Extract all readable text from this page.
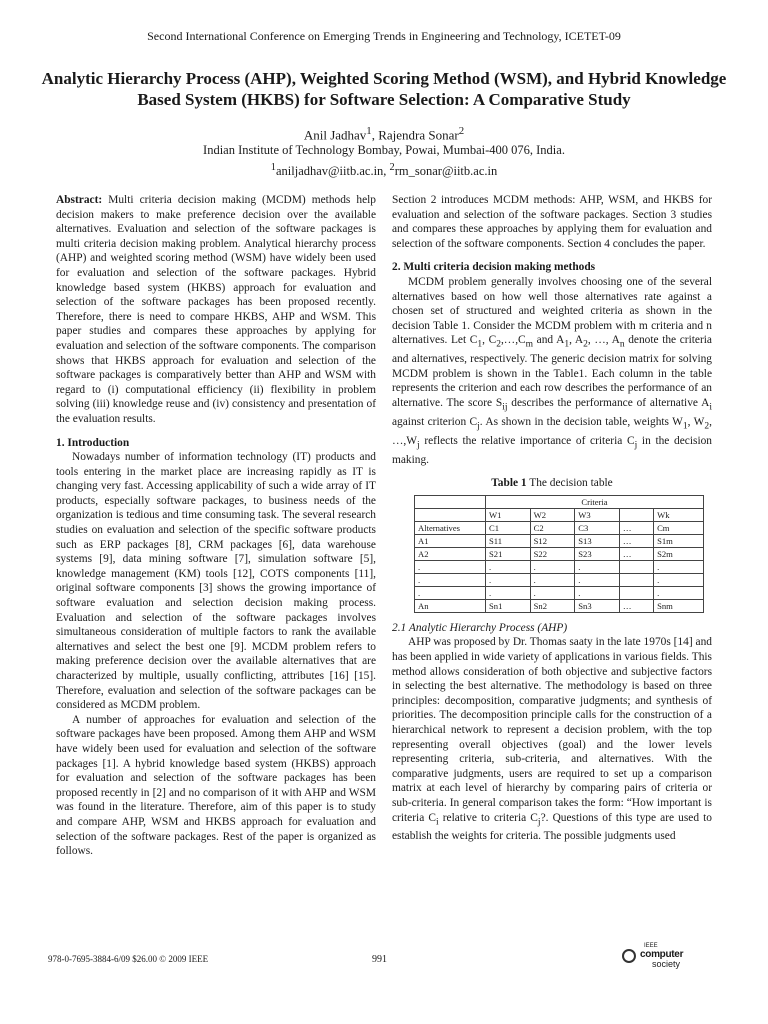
Second International Conference on Emerging Trends in Engineering and Technology, ICETET-09
Analytic Hierarchy Process (AHP), Weighted Scoring Method (WSM), and Hybrid Knowledge Based System (HKBS) for Software Selection: A Comparative Study
Anil Jadhav$^1$, Rajendra Sonar$^2$
Indian Institute of Technology Bombay, Powai, Mumbai-400 076, India.
$^1$aniljadhav@iitb.ac.in, $^2$rm_sonar@iitb.ac.in

Abstract: Multi criteria decision making (MCDM) methods help decision makers to make preference decision over the available alternatives. Evaluation and selection of the software packages is multi criteria decision making problem. Analytical hierarchy process (AHP) and weighted scoring method (WSM) have widely been used for evaluation and selection of the software packages. Hybrid knowledge based system (HKBS) approach for evaluation and selection of the software packages has been proposed recently. Therefore, there is need to compare HKBS, AHP and WSM. This paper studies and compares these approaches by applying for evaluation and selection of the software components. The comparison shows that HKBS approach for evaluation and selection of the software packages is comparatively better than AHP and WSM with regard to (i) computational efficiency (ii) flexibility in problem solving (iii) knowledge reuse and (iv) consistency and presentation of the evaluation results.

1. Introduction

Nowadays number of information technology (IT) products and tools entering in the market place are increasing rapidly as IT is changing very fast. Accessing applicability of such a wide array of IT products, especially software packages, to business needs of the organization is tedious and time consuming task. The several research studies on evaluation and selection of the specific software products such as ERP packages [8], CRM packages [6], data warehouse systems [9], data mining software [7], simulation software [5], knowledge management (KM) tools [12], COTS components [11], original software components [3] shows the growing importance of software evaluation and selection decision making process. Evaluation and selection of the software packages involves simultaneous consideration of multiple factors to rank the available alternatives and select the best one [9]. MCDM problem refers to making preference decision over the available alternatives that are characterized by multiple, usually conflicting, attributes [16] [15]. Therefore, evaluation and selection of the software packages can be considered as MCDM problem.

A number of approaches for evaluation and selection of the software packages have been proposed. Among them AHP and WSM have widely been used for evaluation and selection of the software packages [1]. A hybrid knowledge based system (HKBS) approach for evaluation and selection of the software packages has been proposed recently in [2] and no comparison of it with AHP and WSM was found in the literature. Therefore, aim of this paper is to study and compare AHP, WSM and HKBS approach for evaluation and selection of the software packages. Rest of the paper is organized as follows.

Section 2 introduces MCDM methods: AHP, WSM, and HKBS for evaluation and selection of the software packages. Section 3 studies and compares these approaches by applying them for evaluation and selection of the software components. Section 4 concludes the paper.

2. Multi criteria decision making methods

MCDM problem generally involves choosing one of the several alternatives based on how well those alternatives rate against a chosen set of structured and weighted criteria as shown in the decision Table 1. Consider the MCDM problem with m criteria and n alternatives. Let $C_1$, $C_2,\dots,C_m$ and $A_1$, $A_2$, …, $A_n$ denote the criteria and alternatives, respectively. The generic decision matrix for solving MCDM problem is shown in the Table1. Each column in the table represents the criterion and each row describes the performance of an alternative. The score $S_{ij}$ describes the performance of alternative $A_i$ against criterion $C_j$. As shown in the decision table, weights $W_1$, $W_2$, $\dots,W_j$ reflects the relative importance of criteria $C_j$ in the decision making.

Table 1 The decision table

	Criteria				
	W1	W2	W3		Wk
Alternatives	C1	C2	C3	…	Cm
A1	S11	S12	S13	…	S1m
A2	S21	S22	S23	…	S2m
.	.	.	.		.
.	.	.	.		.
.	.	.	.		.
An	Sn1	Sn2	Sn3	…	Snm

2.1 Analytic Hierarchy Process (AHP)

AHP was proposed by Dr. Thomas saaty in the late 1970s [14] and has been applied in wide variety of applications in various fields. This method allows consideration of both objective and subjective factors in selecting the best alternative. The methodology is based on three principles: decomposition, comparative judgments; and synthesis of priorities. The decomposition principle calls for the construction of a hierarchical network to represent a decision problem, with the top representing overall objectives (goal) and the lower levels representing criteria, sub-criteria, and alternatives. With the comparative judgments, users are required to set up a comparison matrix at each level of hierarchy by comparing pairs of criteria or sub-criteria. In general comparison takes the form: “How important is criteria $C_i$ relative to criteria $C_j$?. Questions of this type are used to establish the weights for criteria. The possible judgments used

978-0-7695-3884-6/09 $26.00 © 2009 IEEE	991
IEEE
computer
society
